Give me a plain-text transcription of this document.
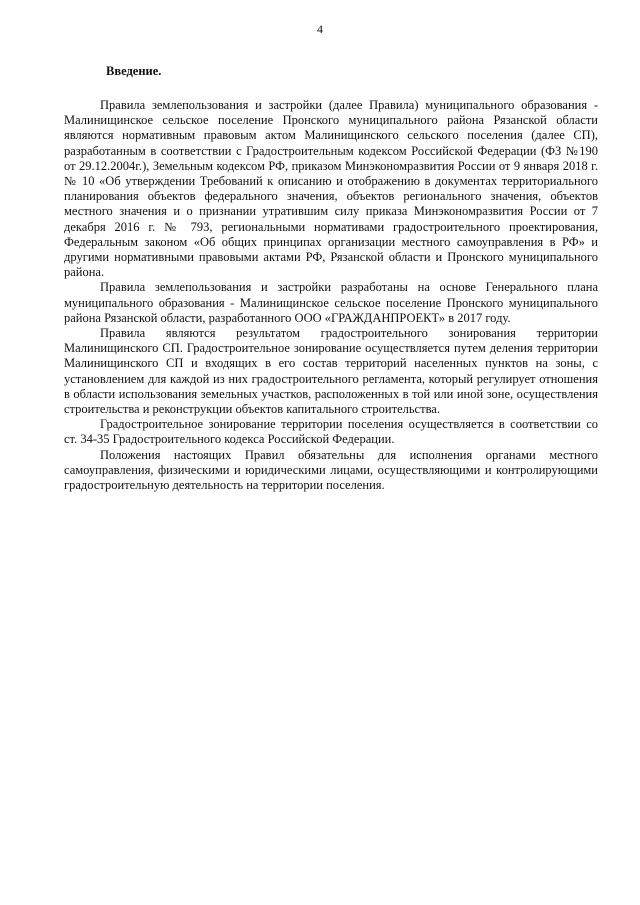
4
Введение.

Правила землепользования и застройки (далее Правила) муниципального образования - Малинищинское сельское поселение Пронского муниципального района Рязанской области являются нормативным правовым актом Малинищинского сельского поселения (далее СП), разработанным в соответствии с Градостроительным кодексом Российской Федерации (ФЗ №190 от 29.12.2004г.), Земельным кодексом РФ, приказом Минэкономразвития России от 9 января 2018 г. № 10 «Об утверждении Требований к описанию и отображению в документах территориального планирования объектов федерального значения, объектов регионального значения, объектов местного значения и о признании утратившим силу приказа Минэкономразвития России от 7 декабря 2016 г. № 793, региональными нормативами градостроительного проектирования, Федеральным законом «Об общих принципах организации местного самоуправления в РФ» и другими нормативными правовыми актами РФ, Рязанской области и Пронского муниципального района.

Правила землепользования и застройки разработаны на основе Генерального плана муниципального образования - Малинищинское сельское поселение Пронского муниципального района Рязанской области, разработанного ООО «ГРАЖДАНПРОЕКТ» в 2017 году.

Правила являются результатом градостроительного зонирования территории Малинищинского СП. Градостроительное зонирование осуществляется путем деления территории Малинищинского СП и входящих в его состав территорий населенных пунктов на зоны, с установлением для каждой из них градостроительного регламента, который регулирует отношения в области использования земельных участков, расположенных в той или иной зоне, осуществления строительства и реконструкции объектов капитального строительства.

Градостроительное зонирование территории поселения осуществляется в соответствии со ст. 34-35 Градостроительного кодекса Российской Федерации.

Положения настоящих Правил обязательны для исполнения органами местного самоуправления, физическими и юридическими лицами, осуществляющими и контролирующими градостроительную деятельность на территории поселения.
